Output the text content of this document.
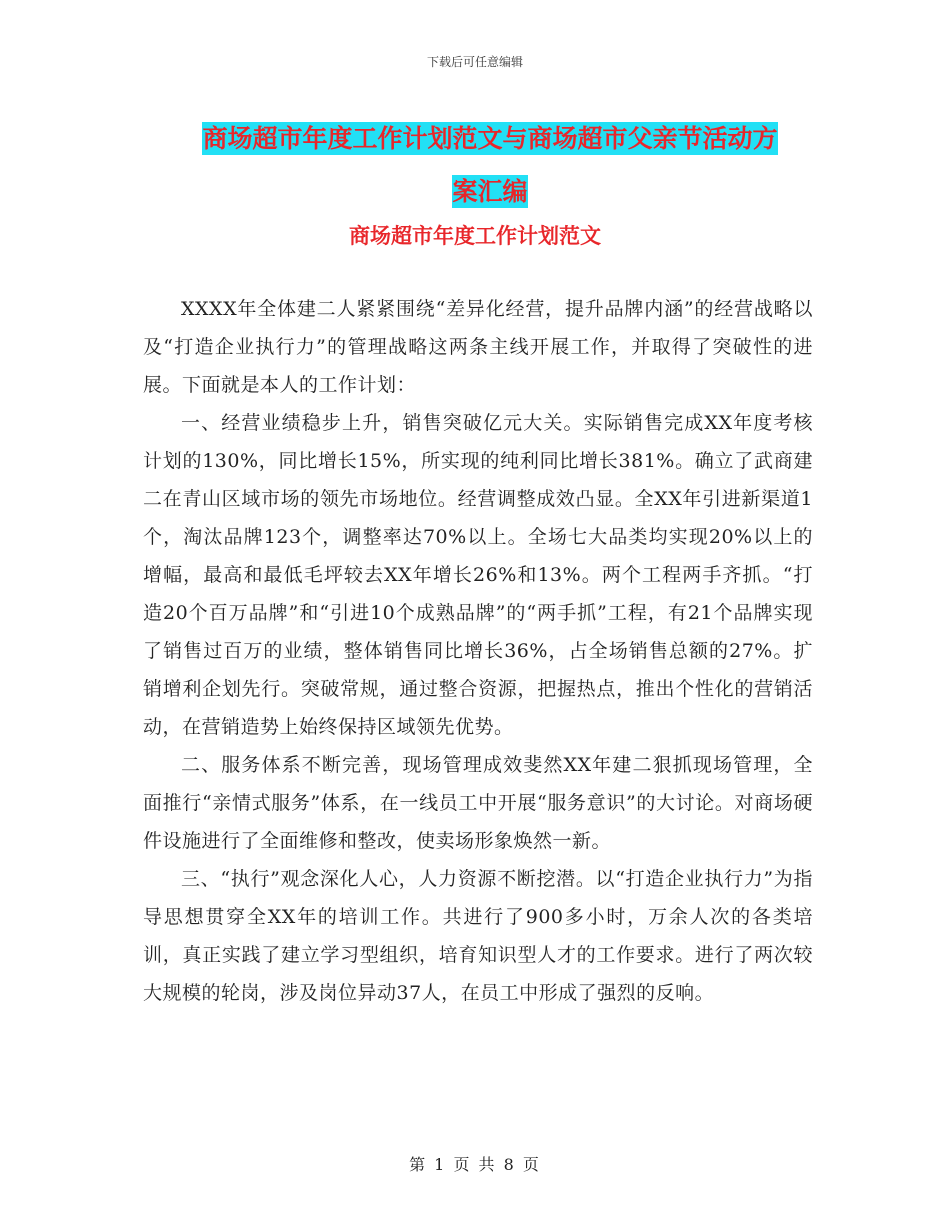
下载后可任意编辑
商场超市年度工作计划范文与商场超市父亲节活动方
案汇编
商场超市年度工作计划范文

XXXX年全体建二人紧紧围绕“差异化经营，提升品牌内涵”的经营战略以及“打造企业执行力”的管理战略这两条主线开展工作，并取得了突破性的进展。下面就是本人的工作计划：

一、经营业绩稳步上升，销售突破亿元大关。实际销售完成XX年度考核计划的130%，同比增长15%，所实现的纯利同比增长381%。确立了武商建二在青山区域市场的领先市场地位。经营调整成效凸显。全XX年引进新渠道1个，淘汰品牌123个，调整率达70%以上。全场七大品类均实现20%以上的增幅，最高和最低毛坪较去XX年增长26%和13%。两个工程两手齐抓。“打造20个百万品牌”和“引进10个成熟品牌”的“两手抓”工程，有21个品牌实现了销售过百万的业绩，整体销售同比增长36%，占全场销售总额的27%。扩销增利企划先行。突破常规，通过整合资源，把握热点，推出个性化的营销活动，在营销造势上始终保持区域领先优势。

二、服务体系不断完善，现场管理成效斐然XX年建二狠抓现场管理，全面推行“亲情式服务”体系，在一线员工中开展“服务意识”的大讨论。对商场硬件设施进行了全面维修和整改，使卖场形象焕然一新。

三、“执行”观念深化人心，人力资源不断挖潜。以“打造企业执行力”为指导思想贯穿全XX年的培训工作。共进行了900多小时，万余人次的各类培训，真正实践了建立学习型组织，培育知识型人才的工作要求。进行了两次较大规模的轮岗，涉及岗位异动37人，在员工中形成了强烈的反响。

第 1 页 共 8 页
